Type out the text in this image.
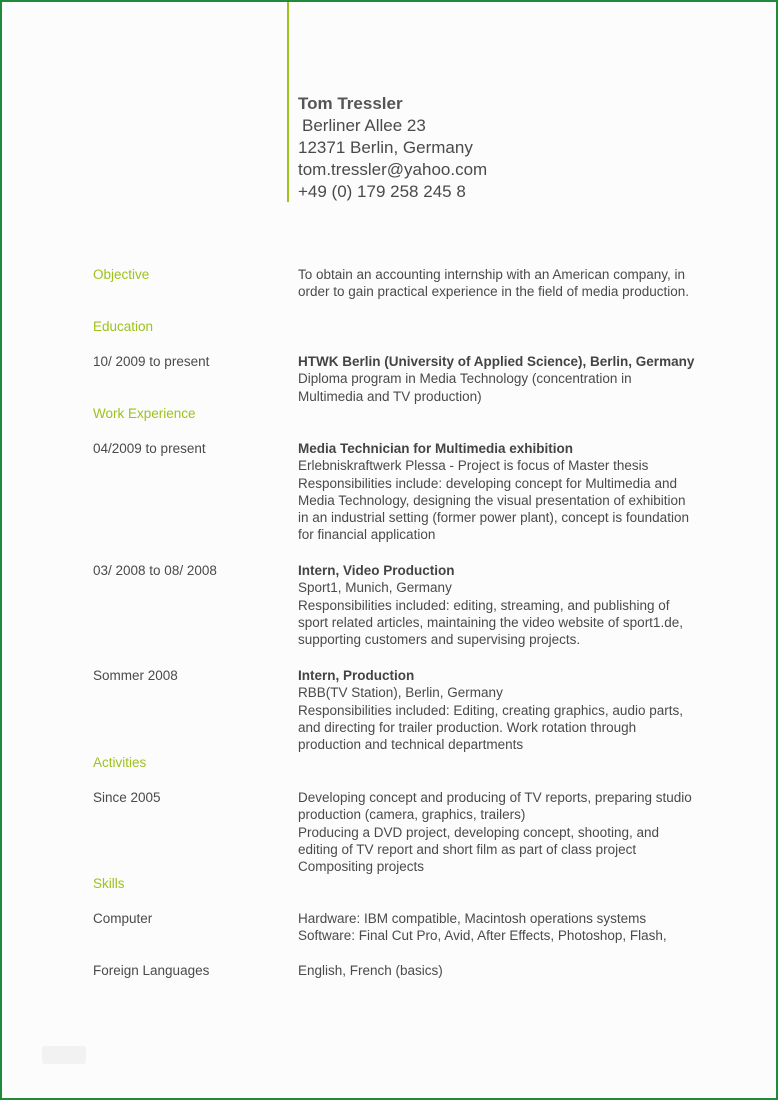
Tom Tressler
Berliner Allee 23
12371 Berlin, Germany
tom.tressler@yahoo.com
+49 (0) 179 258 245 8
Objective	To obtain an accounting internship with an American company, in
order to gain practical experience in the field of media production.
Education
10/ 2009 to present	HTWK Berlin (University of Applied Science), Berlin, Germany
Diploma program in Media Technology (concentration in
Multimedia and TV production)
Work Experience
04/2009 to present	Media Technician for Multimedia exhibition
Erlebniskraftwerk Plessa - Project is focus of Master thesis
Responsibilities include: developing concept for Multimedia and
Media Technology, designing the visual presentation of exhibition
in an industrial setting (former power plant), concept is foundation
for financial application
03/ 2008 to 08/ 2008	Intern, Video Production
Sport1, Munich, Germany
Responsibilities included: editing, streaming, and publishing of
sport related articles, maintaining the video website of sport1.de,
supporting customers and supervising projects.
Sommer 2008	Intern, Production
RBB(TV Station), Berlin, Germany
Responsibilities included: Editing, creating graphics, audio parts,
and directing for trailer production. Work rotation through
production and technical departments
Activities
Since 2005	Developing concept and producing of TV reports, preparing studio
production (camera, graphics, trailers)
Producing a DVD project, developing concept, shooting, and
editing of TV report and short film as part of class project
Compositing projects
Skills
Computer	Hardware: IBM compatible, Macintosh operations systems
Software: Final Cut Pro, Avid, After Effects, Photoshop, Flash,
Foreign Languages	English, French (basics)
